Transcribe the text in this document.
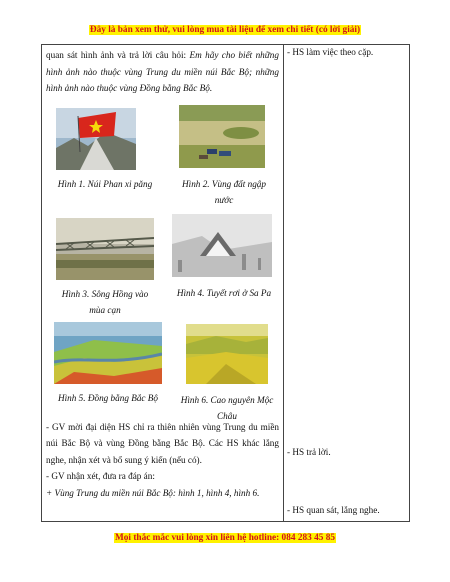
Đây là bản xem thử, vui lòng mua tài liệu để xem chi tiết (có lời giải)

quan sát hình ảnh và trả lời câu hỏi: Em hãy cho biết những hình ảnh nào thuộc vùng Trung du miền núi Bắc Bộ; những hình ảnh nào thuộc vùng Đồng bằng Bắc Bộ.

Hình 1. Núi Phan xi păng	Hình 2. Vùng đất ngập nước
Hình 3. Sông Hồng vào mùa cạn
Hình 4. Tuyết rơi ở Sa Pa
Hình 5. Đồng bằng Bắc Bộ	Hình 6. Cao nguyên Mộc Châu

- GV mời đại diện HS chỉ ra thiên nhiên vùng Trung du miền núi Bắc Bộ và vùng Đồng bằng Bắc Bộ. Các HS khác lắng nghe, nhận xét và bổ sung ý kiến (nếu có).

- GV nhận xét, đưa ra đáp án:

+ Vùng Trung du miền núi Bắc Bộ: hình 1, hình 4, hình 6.

- HS làm việc theo cặp.
- HS trả lời.
- HS quan sát, lắng nghe.
Mọi thắc mắc vui lòng xin liên hệ hotline: 084 283 45 85
